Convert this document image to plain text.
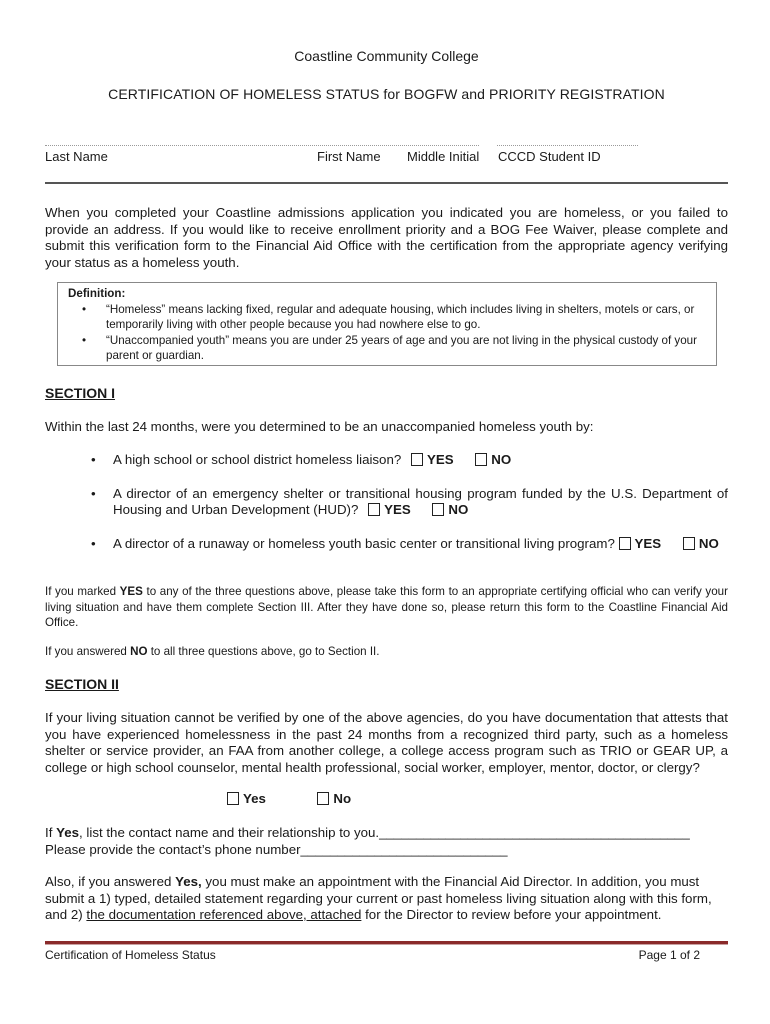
Coastline Community College
CERTIFICATION OF HOMELESS STATUS for BOGFW and PRIORITY REGISTRATION
Last Name	First Name Middle Initial CCCD Student ID
When you completed your Coastline admissions application you indicated you are homeless, or you failed to provide an address. If you would like to receive enrollment priority and a BOG Fee Waiver, please complete and submit this verification form to the Financial Aid Office with the certification from the appropriate agency verifying your status as a homeless youth.
Definition:
• “Homeless” means lacking fixed, regular and adequate housing, which includes living in shelters, motels or cars, or temporarily living with other people because you had nowhere else to go.
• “Unaccompanied youth” means you are under 25 years of age and you are not living in the physical custody of your parent or guardian.
SECTION I
Within the last 24 months, were you determined to be an unaccompanied homeless youth by:
• A high school or school district homeless liaison? YES	NO
• A director of an emergency shelter or transitional housing program funded by the U.S. Department of Housing and Urban Development (HUD)? YES	NO
• A director of a runaway or homeless youth basic center or transitional living program? YES	NO
If you marked YES to any of the three questions above, please take this form to an appropriate certifying official who can verify your living situation and have them complete Section III. After they have done so, please return this form to the Coastline Financial Aid Office.
If you answered NO to all three questions above, go to Section II.
SECTION II
If your living situation cannot be verified by one of the above agencies, do you have documentation that attests that you have experienced homelessness in the past 24 months from a recognized third party, such as a homeless shelter or service provider, an FAA from another college, a college access program such as TRIO or GEAR UP, a college or high school counselor, mental health professional, social worker, employer, mentor, doctor, or clergy?
Yes	No
If Yes, list the contact name and their relationship to you.__________________________________________
Please provide the contact’s phone number____________________________
Also, if you answered Yes, you must make an appointment with the Financial Aid Director. In addition, you must submit a 1) typed, detailed statement regarding your current or past homeless living situation along with this form, and 2) the documentation referenced above, attached for the Director to review before your appointment.
Certification of Homeless Status	Page 1 of 2
